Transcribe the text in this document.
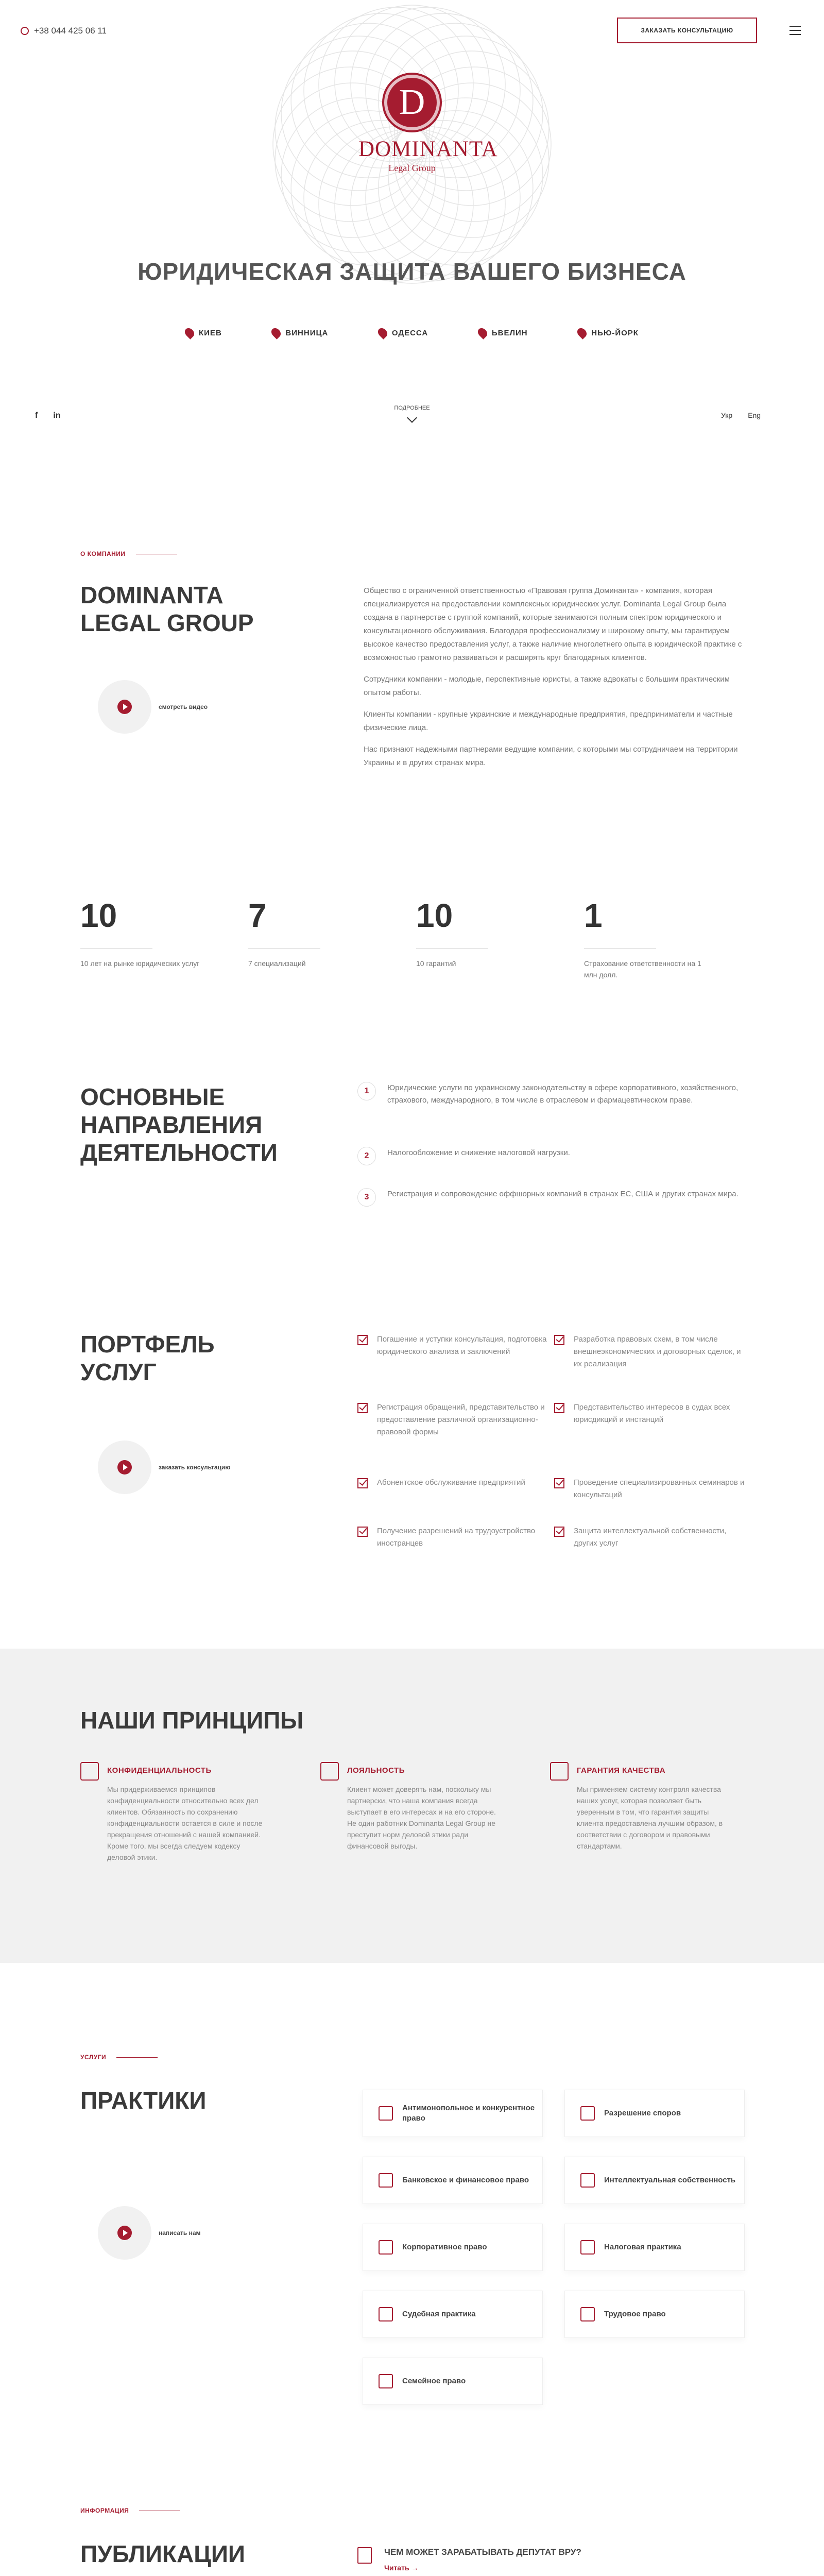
+38 044 425 06 11	ЗАКАЗАТЬ КОНСУЛЬТАЦИЮ
D
DOMINANTA
Legal Group
ЮРИДИЧЕСКАЯ ЗАЩИТА ВАШЕГО БИЗНЕСА
КИЕВ	ВИННИЦА	ОДЕССА	ЬВЕЛИН	НЬЮ-ЙОРК
f in
ПОДРОБНЕЕ
Укр Eng
О КОМПАНИИ
DOMINANTA
LEGAL GROUP
смотреть видео

Общество с ограниченной ответственностью «Правовая группа Доминанта» - компания, которая специализируется на предоставлении комплексных юридических услуг. Dominanta Legal Group была создана в партнерстве с группой компаний, которые занимаются полным спектром юридического и консультационного обслуживания. Благодаря профессионализму и широкому опыту, мы гарантируем высокое качество предоставления услуг, а также наличие многолетнего опыта в юридической практике с возможностью грамотно развиваться и расширять круг благодарных клиентов.

Сотрудники компании - молодые, перспективные юристы, а также адвокаты с большим практическим опытом работы.

Клиенты компании - крупные украинские и международные предприятия, предприниматели и частные физические лица.

Нас признают надежными партнерами ведущие компании, с которыми мы сотрудничаем на территории Украины и в других странах мира.

10
10 лет на рынке юридических услуг
7
7 специализаций
10
10 гарантий
1
Страхование ответственности на 1 млн долл.
ОСНОВНЫЕ
НАПРАВЛЕНИЯ
ДЕЯТЕЛЬНОСТИ
1	Юридические услуги по украинскому законодательству в сфере корпоративного, хозяйственного, страхового, международного, в том числе в отраслевом и фармацевтическом праве.
2	Налогообложение и снижение налоговой нагрузки.
3	Регистрация и сопровождение оффшорных компаний в странах ЕС, США и других странах мира.
ПОРТФЕЛЬ
УСЛУГ
заказать консультацию
Погашение и уступки консультация, подготовка юридического анализа и заключений
Регистрация обращений, представительство и предоставление различной организационно-правовой формы
Абонентское обслуживание предприятий
Получение разрешений на трудоустройство иностранцев
Разработка правовых схем, в том числе внешнеэкономических и договорных сделок, и их реализация
Представительство интересов в судах всех юрисдикций и инстанций
Проведение специализированных семинаров и консультаций
Защита интеллектуальной собственности, других услуг
НАШИ ПРИНЦИПЫ
КОНФИДЕНЦИАЛЬНОСТЬ
Мы придерживаемся принципов конфиденциальности относительно всех дел клиентов. Обязанность по сохранению конфиденциальности остается в силе и после прекращения отношений с нашей компанией. Кроме того, мы всегда следуем кодексу деловой этики.
ЛОЯЛЬНОСТЬ
Клиент может доверять нам, поскольку мы партнерски, что наша компания всегда выступает в его интересах и на его стороне. Не один работник Dominanta Legal Group не преступит норм деловой этики ради финансовой выгоды.
ГАРАНТИЯ КАЧЕСТВА
Мы применяем систему контроля качества наших услуг, которая позволяет быть уверенным в том, что гарантия защиты клиента предоставлена лучшим образом, в соответствии с договором и правовыми стандартами.
УСЛУГИ
ПРАКТИКИ
написать нам
Антимонопольное и конкурентное право
Разрешение споров
Банковское и финансовое право	Интеллектуальная собственность
Корпоративное право	Налоговая практика
Судебная практика	Трудовое право
Семейное право
ИНФОРМАЦИЯ
ПУБЛИКАЦИИ	ЧЕМ МОЖЕТ ЗАРАБАТЫВАТЬ ДЕПУТАТ ВРУ?
Читать →
